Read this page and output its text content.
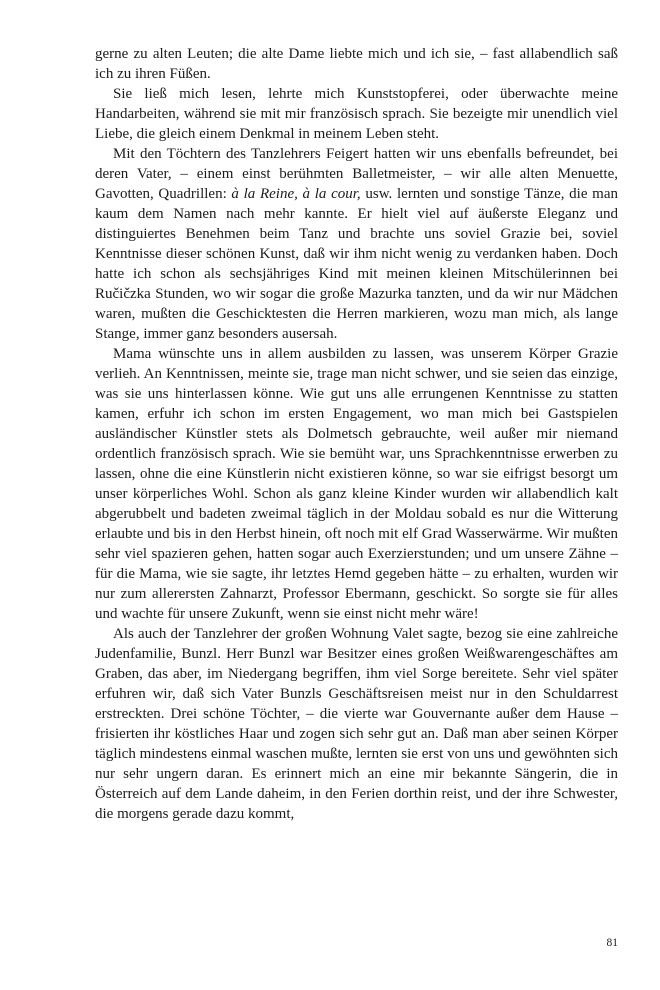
gerne zu alten Leuten; die alte Dame liebte mich und ich sie, – fast allabendlich saß ich zu ihren Füßen.

Sie ließ mich lesen, lehrte mich Kunststopferei, oder überwachte meine Handarbeiten, während sie mit mir französisch sprach. Sie bezeigte mir unendlich viel Liebe, die gleich einem Denkmal in meinem Leben steht.

Mit den Töchtern des Tanzlehrers Feigert hatten wir uns ebenfalls befreundet, bei deren Vater, – einem einst berühmten Balletmeister, – wir alle alten Menuette, Gavotten, Quadrillen: à la Reine, à la cour, usw. lernten und sonstige Tänze, die man kaum dem Namen nach mehr kannte. Er hielt viel auf äußerste Eleganz und distinguiertes Benehmen beim Tanz und brachte uns soviel Grazie bei, soviel Kenntnisse dieser schönen Kunst, daß wir ihm nicht wenig zu verdanken haben. Doch hatte ich schon als sechsjähriges Kind mit meinen kleinen Mitschülerinnen bei Ručičzka Stunden, wo wir sogar die große Mazurka tanzten, und da wir nur Mädchen waren, mußten die Geschicktesten die Herren markieren, wozu man mich, als lange Stange, immer ganz besonders ausersah.

Mama wünschte uns in allem ausbilden zu lassen, was unserem Körper Grazie verlieh. An Kenntnissen, meinte sie, trage man nicht schwer, und sie seien das einzige, was sie uns hinterlassen könne. Wie gut uns alle errungenen Kenntnisse zu statten kamen, erfuhr ich schon im ersten Engagement, wo man mich bei Gastspielen ausländischer Künstler stets als Dolmetsch gebrauchte, weil außer mir niemand ordentlich französisch sprach. Wie sie bemüht war, uns Sprachkenntnisse erwerben zu lassen, ohne die eine Künstlerin nicht existieren könne, so war sie eifrigst besorgt um unser körperliches Wohl. Schon als ganz kleine Kinder wurden wir allabendlich kalt abgerubbelt und badeten zweimal täglich in der Moldau sobald es nur die Witterung erlaubte und bis in den Herbst hinein, oft noch mit elf Grad Wasserwärme. Wir mußten sehr viel spazieren gehen, hatten sogar auch Exerzierstunden; und um unsere Zähne – für die Mama, wie sie sagte, ihr letztes Hemd gegeben hätte – zu erhalten, wurden wir nur zum allerersten Zahnarzt, Professor Ebermann, geschickt. So sorgte sie für alles und wachte für unsere Zukunft, wenn sie einst nicht mehr wäre!

Als auch der Tanzlehrer der großen Wohnung Valet sagte, bezog sie eine zahlreiche Judenfamilie, Bunzl. Herr Bunzl war Besitzer eines großen Weißwarengeschäftes am Graben, das aber, im Niedergang begriffen, ihm viel Sorge bereitete. Sehr viel später erfuhren wir, daß sich Vater Bunzls Geschäftsreisen meist nur in den Schuldarrest erstreckten. Drei schöne Töchter, – die vierte war Gouvernante außer dem Hause – frisierten ihr köstliches Haar und zogen sich sehr gut an. Daß man aber seinen Körper täglich mindestens einmal waschen mußte, lernten sie erst von uns und gewöhnten sich nur sehr ungern daran. Es erinnert mich an eine mir bekannte Sängerin, die in Österreich auf dem Lande daheim, in den Ferien dorthin reist, und der ihre Schwester, die morgens gerade dazu kommt,

81
